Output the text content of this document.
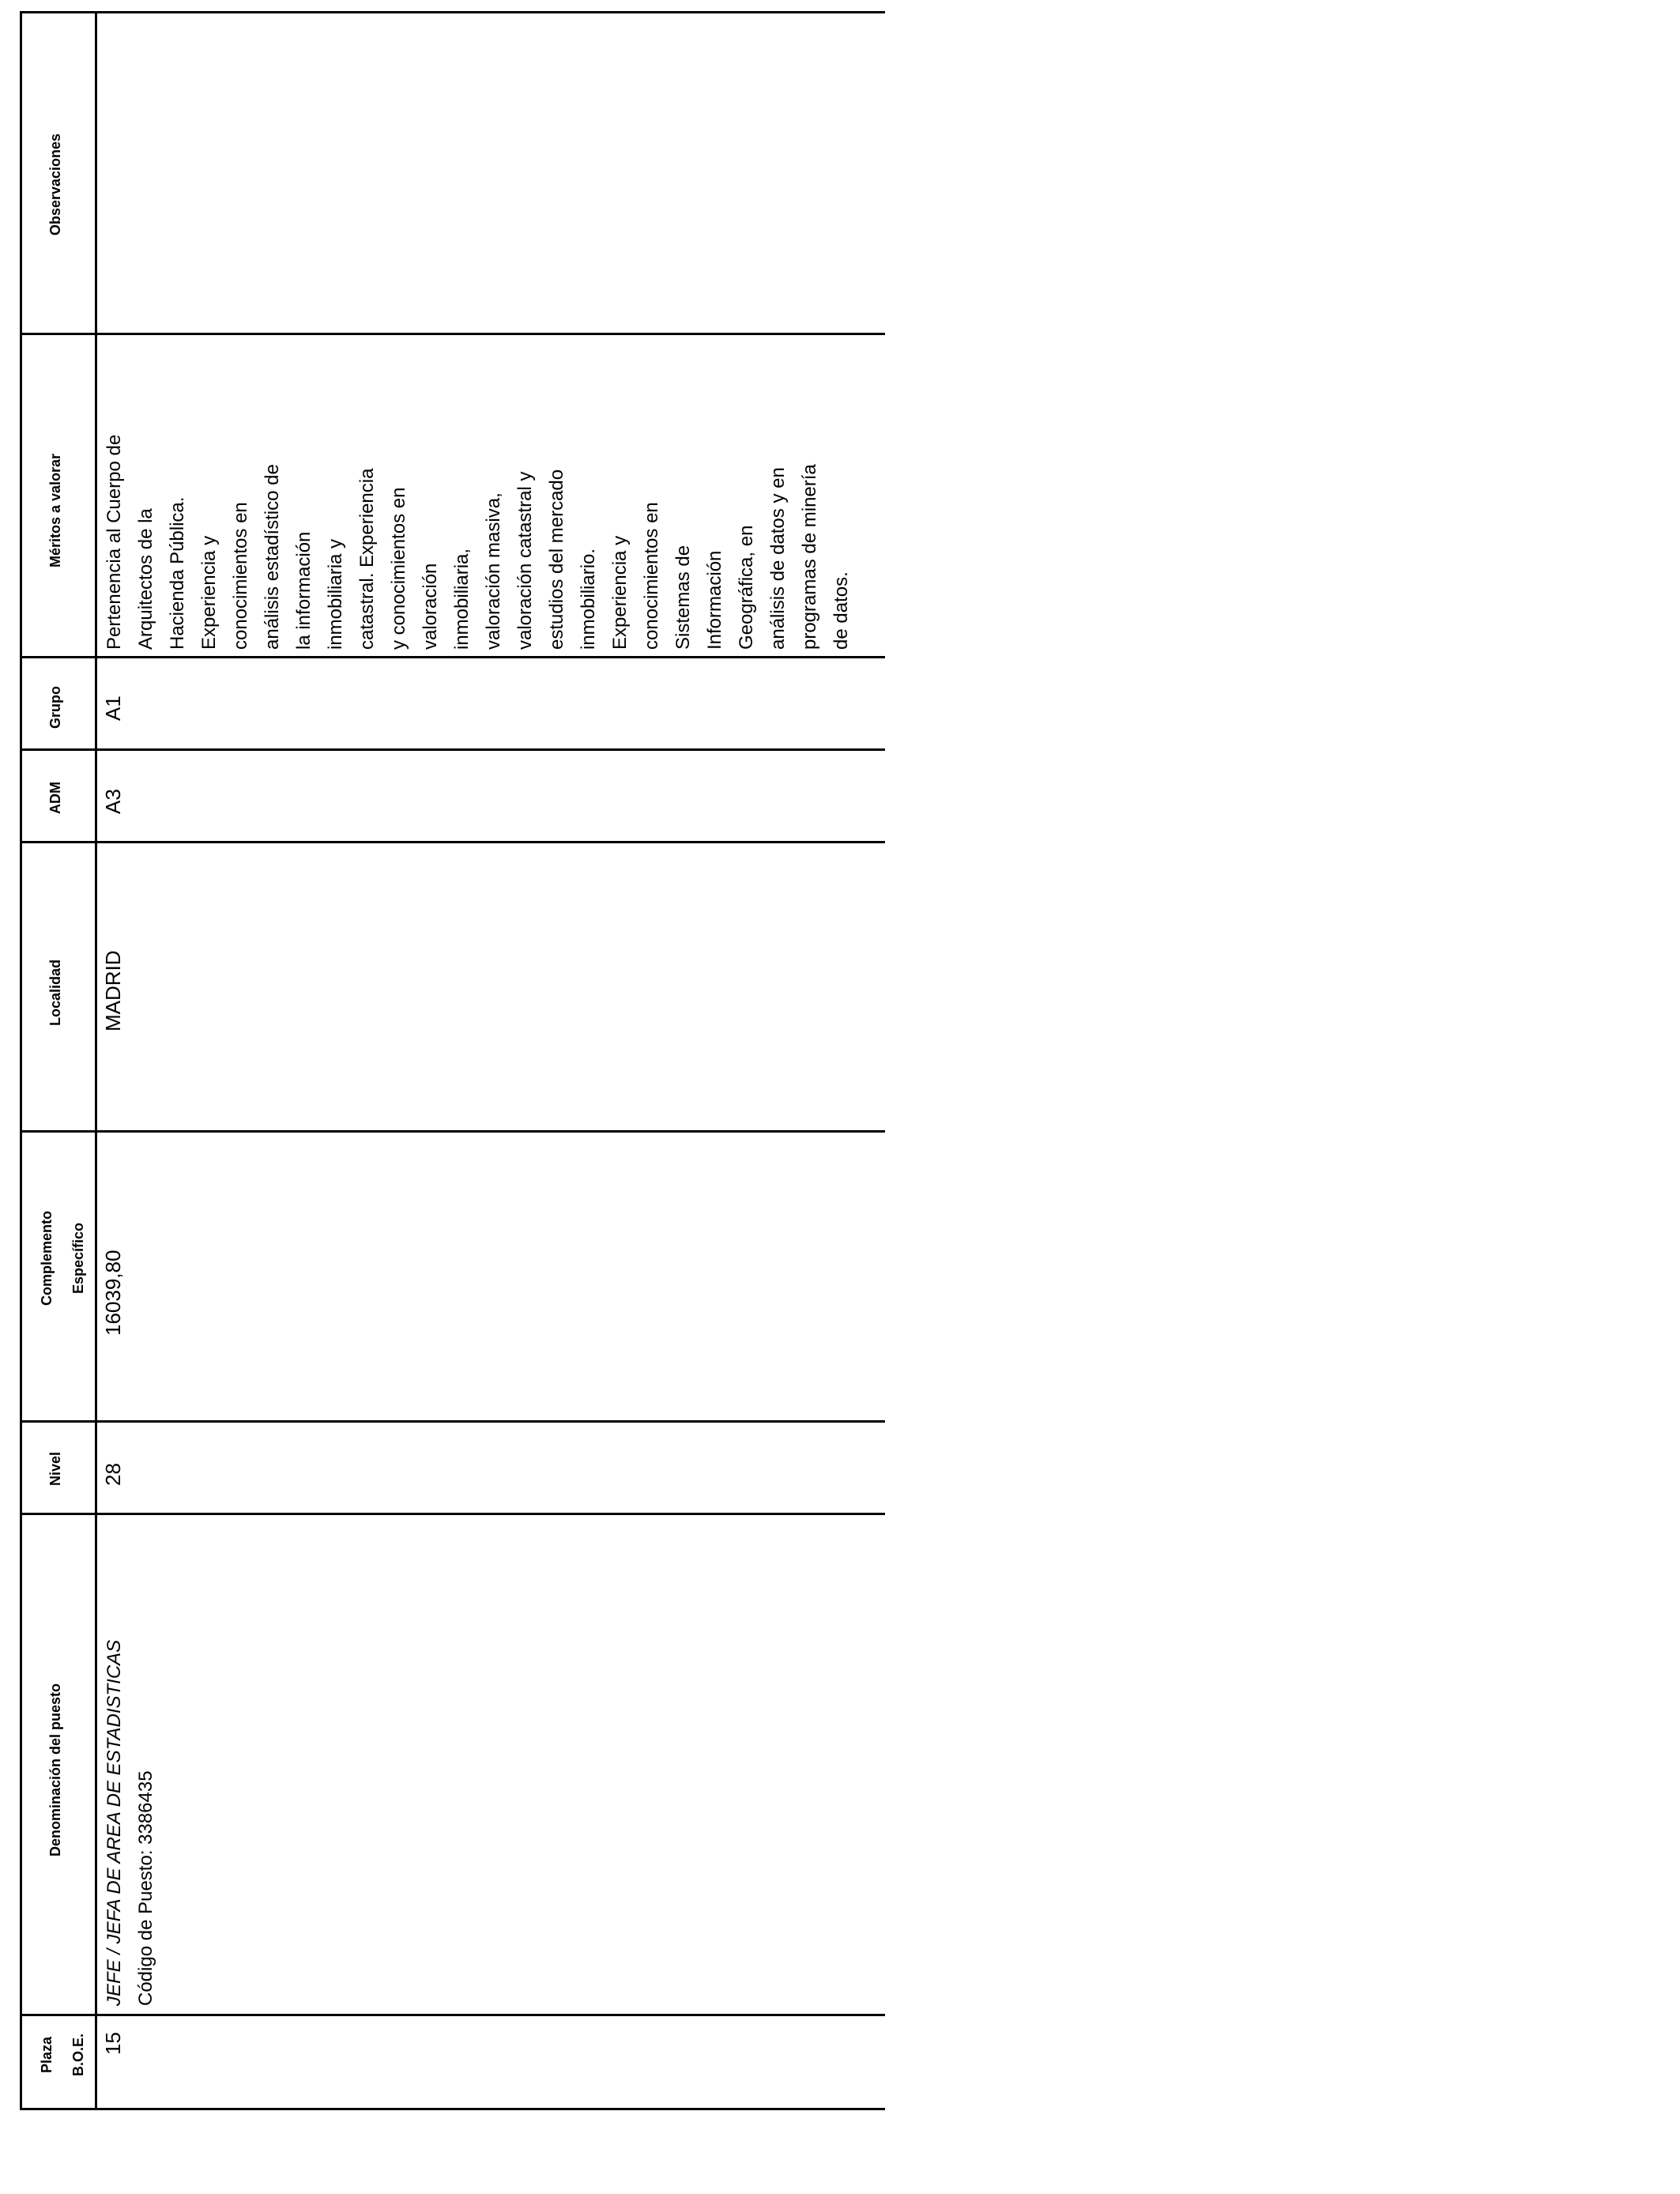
Observaciones
Méritos a valorar
Grupo
ADM
Localidad
Complemento	Específico
Nivel
Denominación del puesto
Plaza	B.O.E. 15
JEFE / JEFA DE AREA DE ESTADISTICAS Código de Puesto: 3386435
28
16039,80
MADRID
A3
A1
Pertenencia al Cuerpo de Arquitectos de la Hacienda Pública. Experiencia y conocimientos en análisis estadístico de la información inmobiliaria y catastral. Experiencia y conocimientos en valoración inmobiliaria, valoración masiva, valoración catastral y estudios del mercado inmobiliario. Experiencia y conocimientos en Sistemas de Información Geográfica, en análisis de datos y en programas de minería de datos.
